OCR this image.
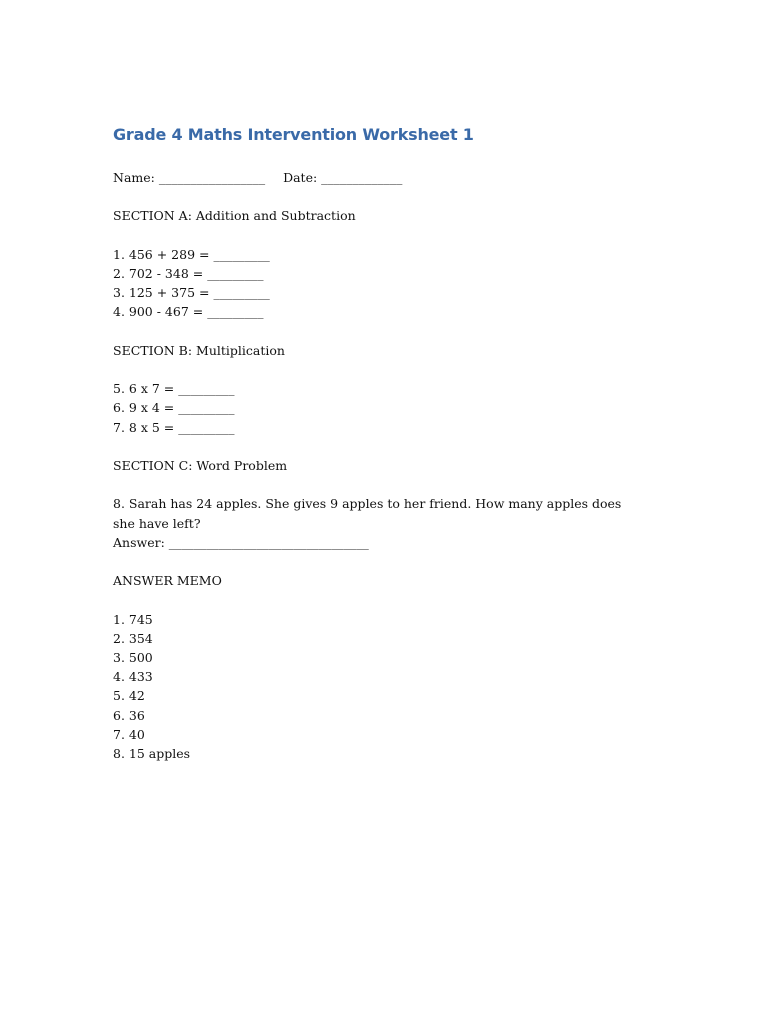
Grade 4 Maths Intervention Worksheet 1

Name: _________________ Date: _____________

SECTION A: Addition and Subtraction

1. 456 + 289 = _________

2. 702 - 348 = _________

3. 125 + 375 = _________

4. 900 - 467 = _________

SECTION B: Multiplication

5. 6 x 7 = _________

6. 9 x 4 = _________

7. 8 x 5 = _________

SECTION C: Word Problem

8. Sarah has 24 apples. She gives 9 apples to her friend. How many apples does she have left?

Answer: ________________________________

ANSWER MEMO

1. 745

2. 354

3. 500

4. 433

5. 42

6. 36

7. 40

8. 15 apples
